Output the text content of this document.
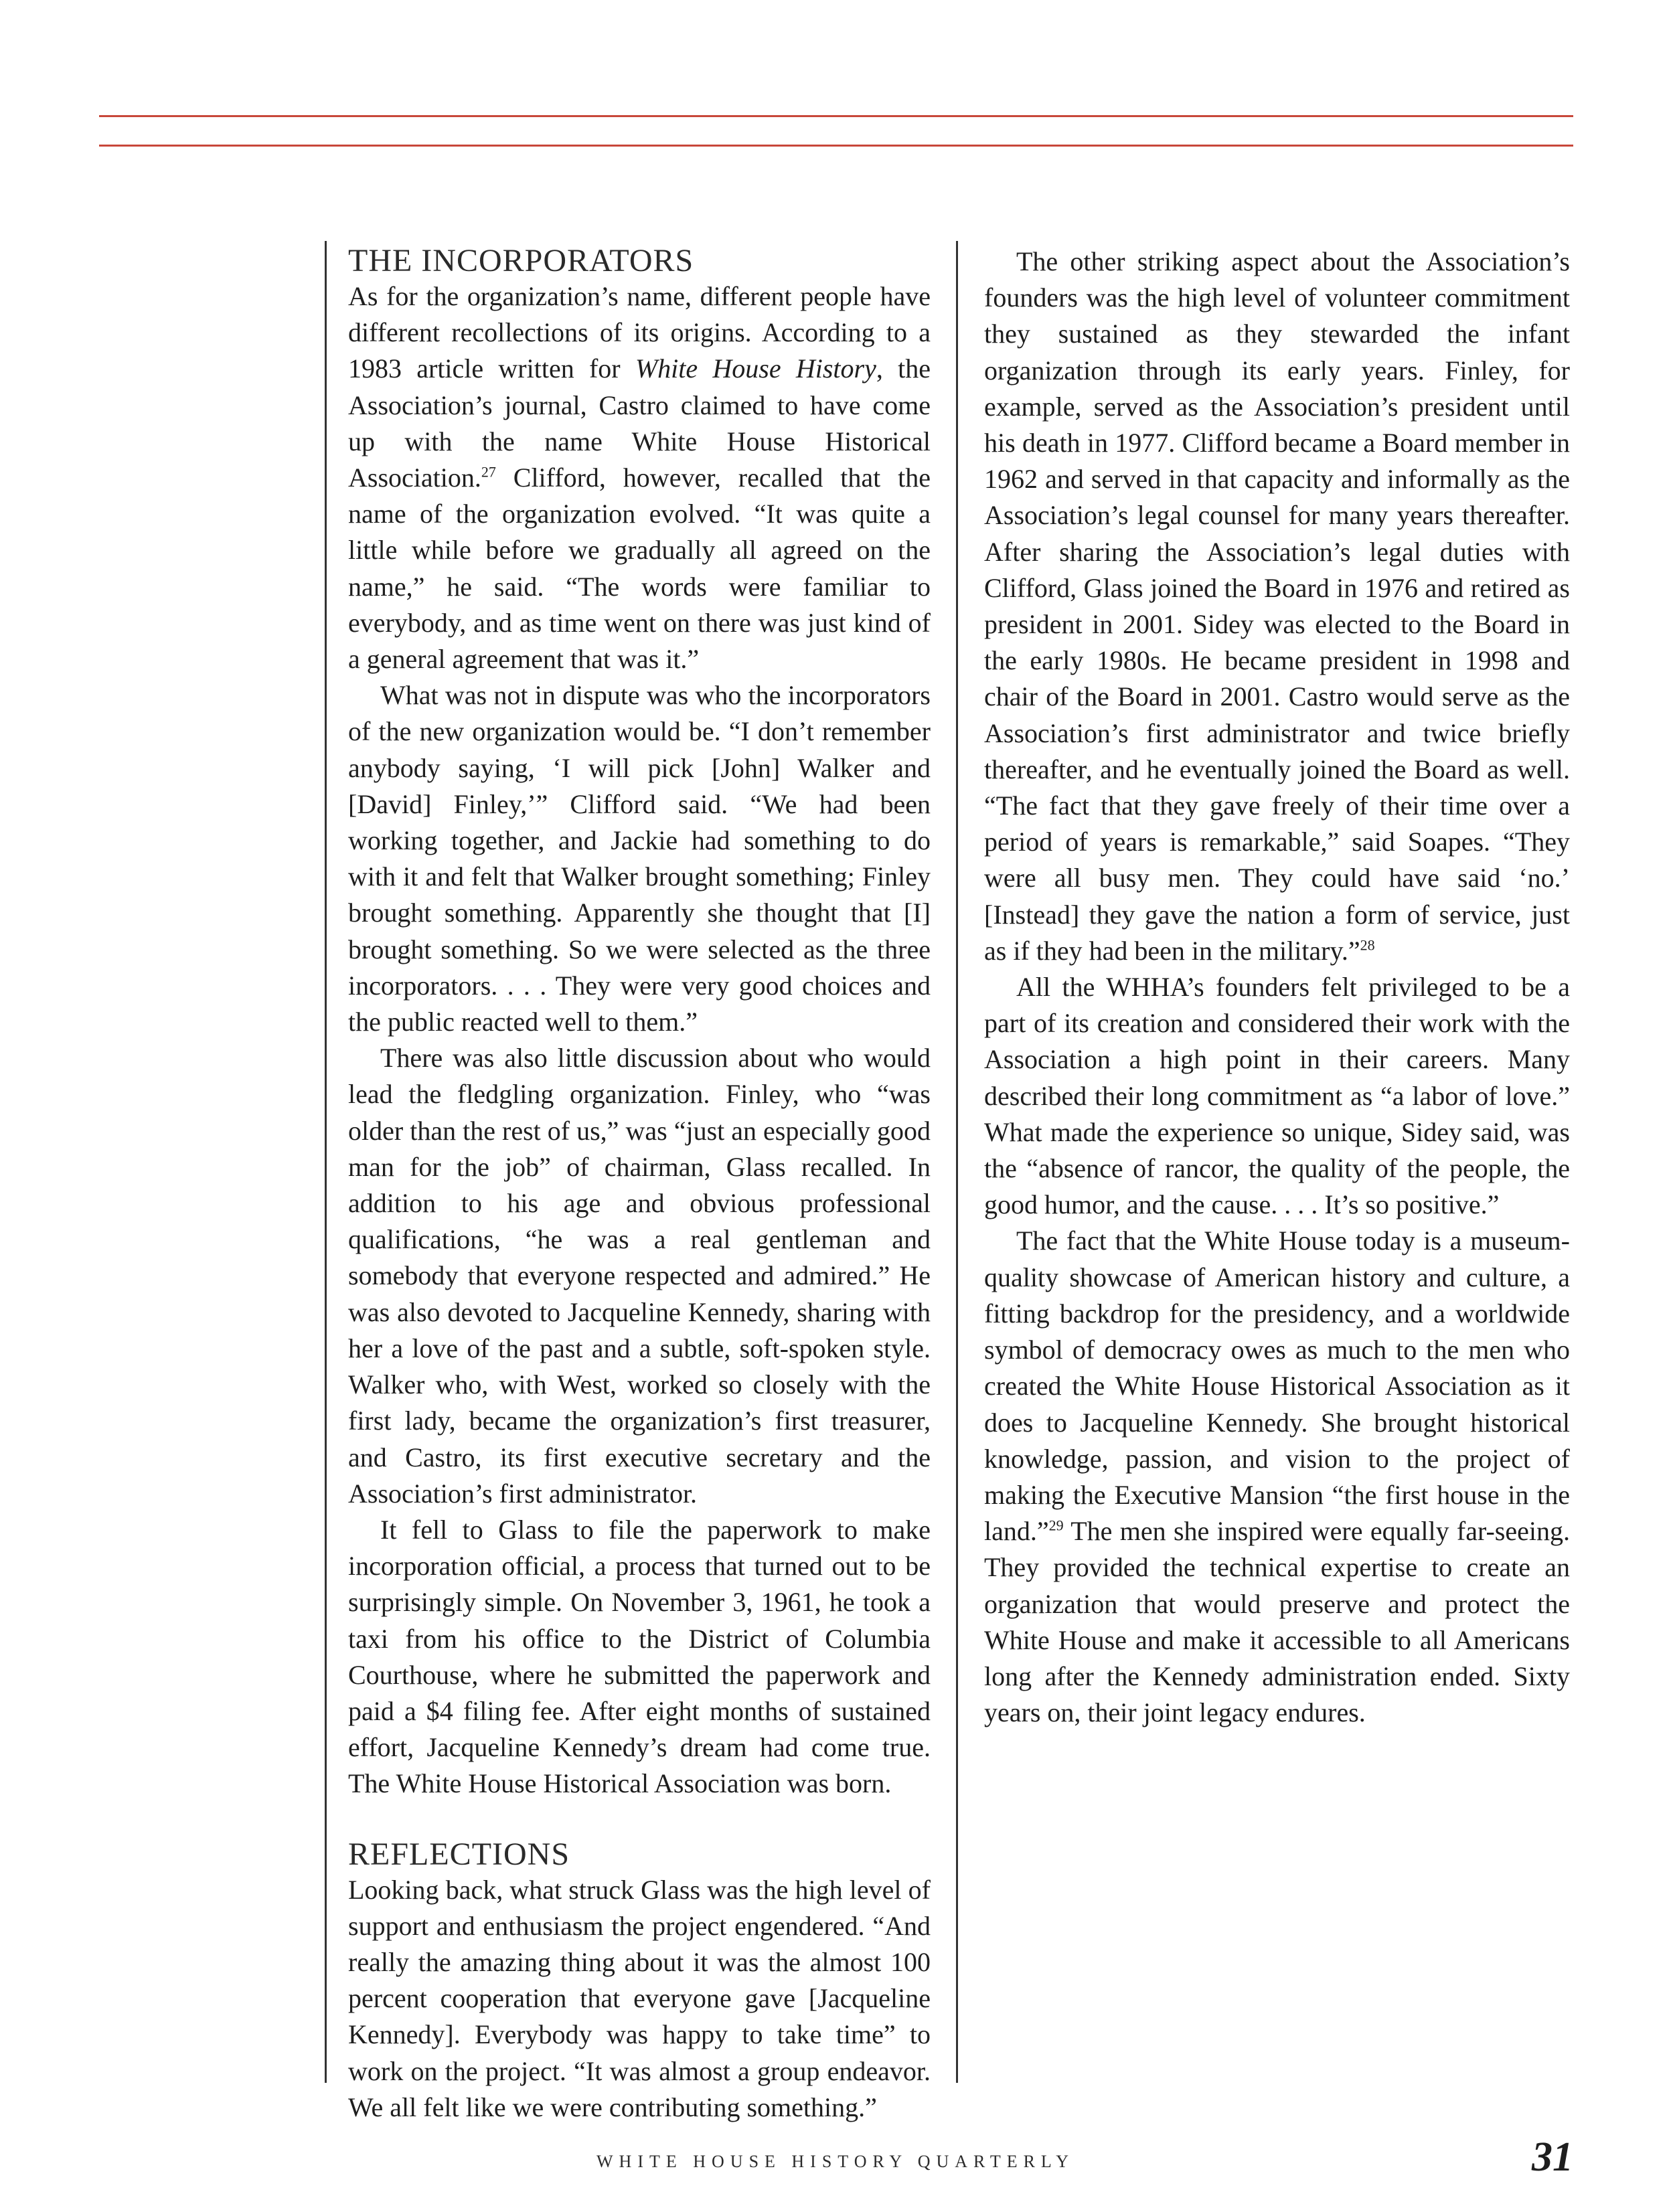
THE INCORPORATORS

As for the organization’s name, different people have different recollections of its origins. According to a 1983 article written for White House History, the Association’s journal, Castro claimed to have come up with the name White House Historical Association.$^{27}$ Clifford, however, recalled that the name of the organization evolved. “It was quite a little while before we gradually all agreed on the name,” he said. “The words were familiar to everybody, and as time went on there was just kind of a general agreement that was it.”

What was not in dispute was who the incorporators of the new organization would be. “I don’t remember anybody saying, ‘I will pick [John] Walker and [David] Finley,’” Clifford said. “We had been working together, and Jackie had something to do with it and felt that Walker brought something; Finley brought something. Apparently she thought that [I] brought something. So we were selected as the three incorporators. . . . They were very good choices and the public reacted well to them.”

There was also little discussion about who would lead the fledgling organization. Finley, who “was older than the rest of us,” was “just an especially good man for the job” of chairman, Glass recalled. In addition to his age and obvious professional qualifications, “he was a real gentleman and somebody that everyone respected and admired.” He was also devoted to Jacqueline Kennedy, sharing with her a love of the past and a subtle, soft-spoken style. Walker who, with West, worked so closely with the first lady, became the organization’s first treasurer, and Castro, its first executive secretary and the Association’s first administrator.

It fell to Glass to file the paperwork to make incorporation official, a process that turned out to be surprisingly simple. On November 3, 1961, he took a taxi from his office to the District of Columbia Courthouse, where he submitted the paperwork and paid a $4 filing fee. After eight months of sustained effort, Jacqueline Kennedy’s dream had come true. The White House Historical Association was born.

REFLECTIONS

Looking back, what struck Glass was the high level of support and enthusiasm the project engendered. “And really the amazing thing about it was the almost 100 percent cooperation that everyone gave [Jacqueline Kennedy]. Everybody was happy to take time” to work on the project. “It was almost a group endeavor. We all felt like we were contributing something.”

The other striking aspect about the Association’s founders was the high level of volunteer commitment they sustained as they stewarded the infant organization through its early years. Finley, for example, served as the Association’s president until his death in 1977. Clifford became a Board member in 1962 and served in that capacity and informally as the Association’s legal counsel for many years thereafter. After sharing the Association’s legal duties with Clifford, Glass joined the Board in 1976 and retired as president in 2001. Sidey was elected to the Board in the early 1980s. He became president in 1998 and chair of the Board in 2001. Castro would serve as the Association’s first administrator and twice briefly thereafter, and he eventually joined the Board as well. “The fact that they gave freely of their time over a period of years is remarkable,” said Soapes. “They were all busy men. They could have said ‘no.’ [Instead] they gave the nation a form of service, just as if they had been in the military.”$^{28}$

All the WHHA’s founders felt privileged to be a part of its creation and considered their work with the Association a high point in their careers. Many described their long commitment as “a labor of love.” What made the experience so unique, Sidey said, was the “absence of rancor, the quality of the people, the good humor, and the cause. . . . It’s so positive.”

The fact that the White House today is a museum-quality showcase of American history and culture, a fitting backdrop for the presidency, and a worldwide symbol of democracy owes as much to the men who created the White House Historical Association as it does to Jacqueline Kennedy. She brought historical knowledge, passion, and vision to the project of making the Executive Mansion “the first house in the land.”$^{29}$ The men she inspired were equally far-seeing. They provided the technical expertise to create an organization that would preserve and protect the White House and make it accessible to all Americans long after the Kennedy administration ended. Sixty years on, their joint legacy endures.

WHITE HOUSE HISTORY QUARTERLY	31
